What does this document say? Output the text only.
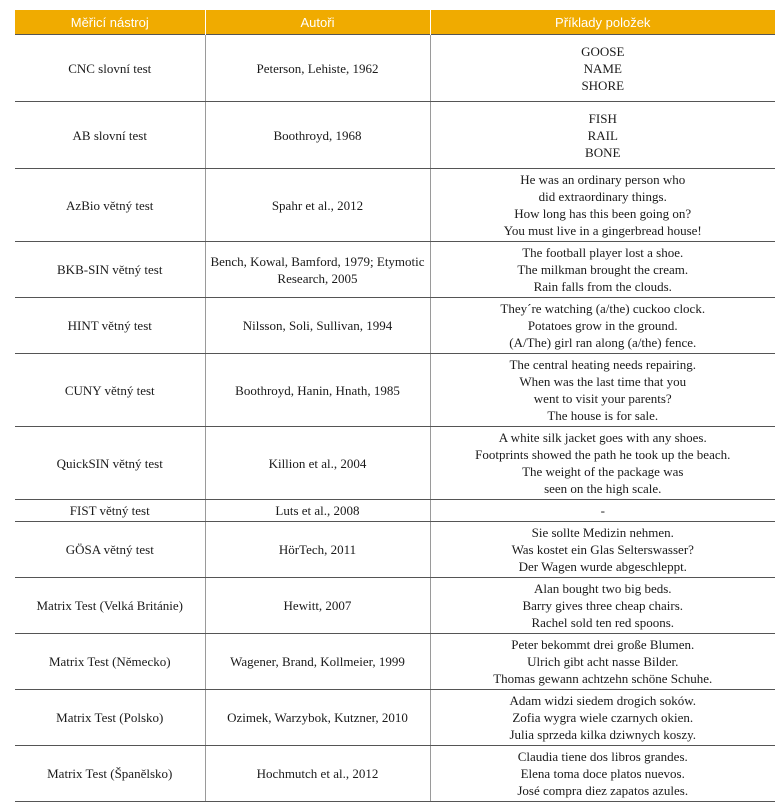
Měřicí nástroj	Autoři	Příklady položek
CNC slovní test	Peterson, Lehiste, 1962	GOOSE
NAME
SHORE

AB slovní test	Boothroyd, 1968	FISH
RAIL
BONE

AzBio větný test	Spahr et al., 2012	He was an ordinary person who
did extraordinary things.
How long has this been going on?
You must live in a gingerbread house!

BKB-SIN větný test	Bench, Kowal, Bamford, 1979; Etymotic Research, 2005	The football player lost a shoe.
The milkman brought the cream.
Rain falls from the clouds.

HINT větný test	Nilsson, Soli, Sullivan, 1994	They´re watching (a/the) cuckoo clock.
Potatoes grow in the ground.
(A/The) girl ran along (a/the) fence.

CUNY větný test	Boothroyd, Hanin, Hnath, 1985	The central heating needs repairing.
When was the last time that you
went to visit your parents?
The house is for sale.

QuickSIN větný test	Killion et al., 2004	A white silk jacket goes with any shoes.
Footprints showed the path he took up the beach.
The weight of the package was
seen on the high scale.

FIST větný test	Luts et al., 2008	-

GÖSA větný test	HörTech, 2011	Sie sollte Medizin nehmen.
Was kostet ein Glas Selterswasser?
Der Wagen wurde abgeschleppt.

Matrix Test (Velká Británie)	Hewitt, 2007	Alan bought two big beds.
Barry gives three cheap chairs.
Rachel sold ten red spoons.

Matrix Test (Německo)	Wagener, Brand, Kollmeier, 1999	Peter bekommt drei große Blumen.
Ulrich gibt acht nasse Bilder.
Thomas gewann achtzehn schöne Schuhe.

Matrix Test (Polsko)	Ozimek, Warzybok, Kutzner, 2010	Adam widzi siedem drogich soków.
Zofia wygra wiele czarnych okien.
Julia sprzeda kilka dziwnych koszy.

Matrix Test (Španělsko)	Hochmutch et al., 2012	Claudia tiene dos libros grandes.
Elena toma doce platos nuevos.
José compra diez zapatos azules.
